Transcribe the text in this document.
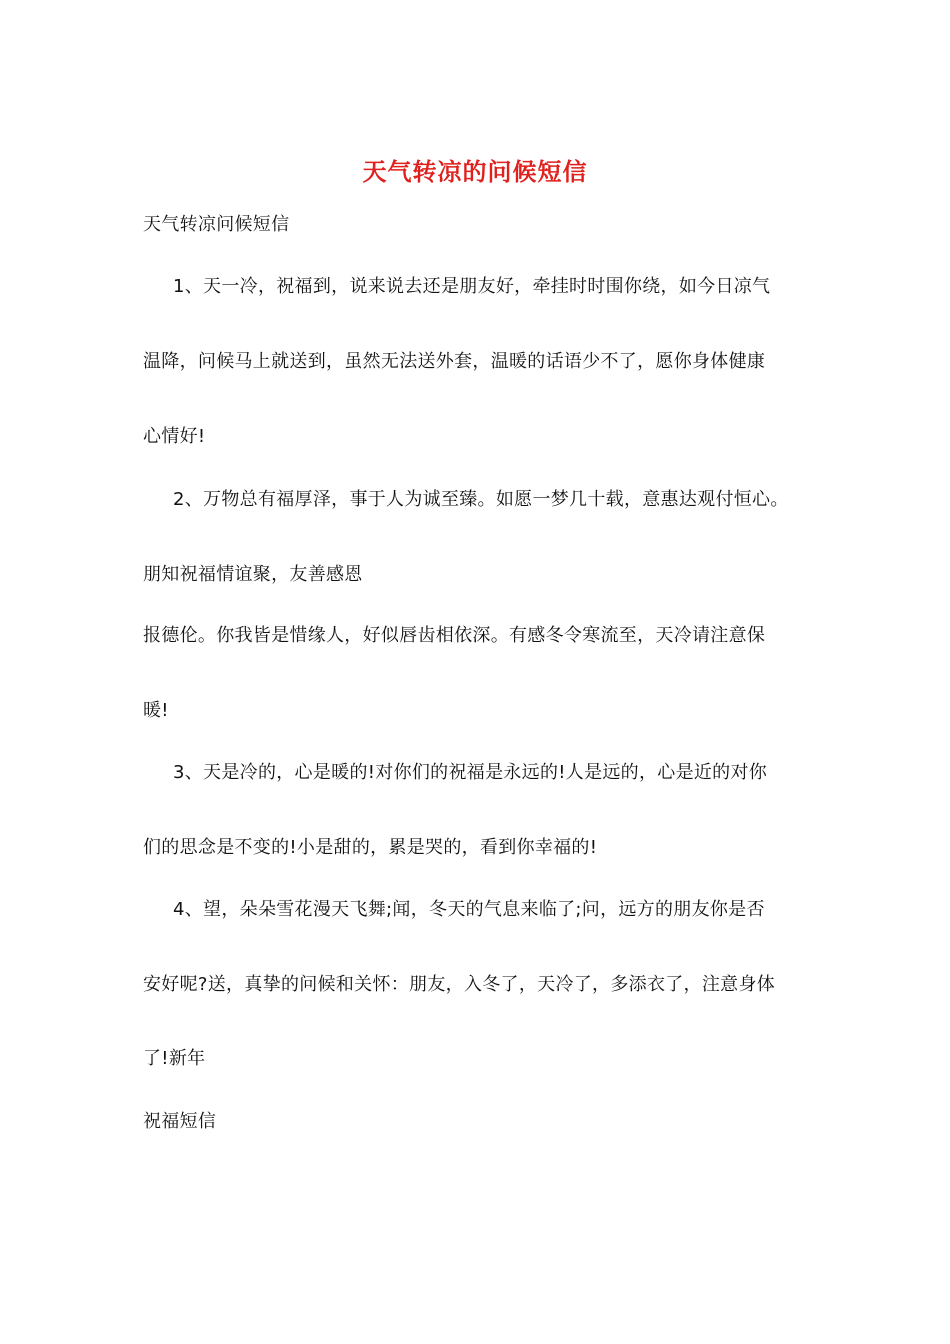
天气转凉的问候短信
天气转凉问候短信
1、天一冷，祝福到，说来说去还是朋友好，牵挂时时围你绕，如今日凉气
温降，问候马上就送到，虽然无法送外套，温暖的话语少不了，愿你身体健康
心情好!
2、万物总有福厚泽，事于人为诚至臻。如愿一梦几十载，意惠达观付恒心。
朋知祝福情谊聚，友善感恩
报德伦。你我皆是惜缘人，好似唇齿相依深。有感冬令寒流至，天冷请注意保
暖!
3、天是冷的，心是暖的!对你们的祝福是永远的!人是远的，心是近的对你
们的思念是不变的!小是甜的，累是哭的，看到你幸福的!
4、望，朵朵雪花漫天飞舞;闻，冬天的气息来临了;问，远方的朋友你是否
安好呢?送，真挚的问候和关怀：朋友，入冬了，天冷了，多添衣了，注意身体
了!新年
祝福短信
